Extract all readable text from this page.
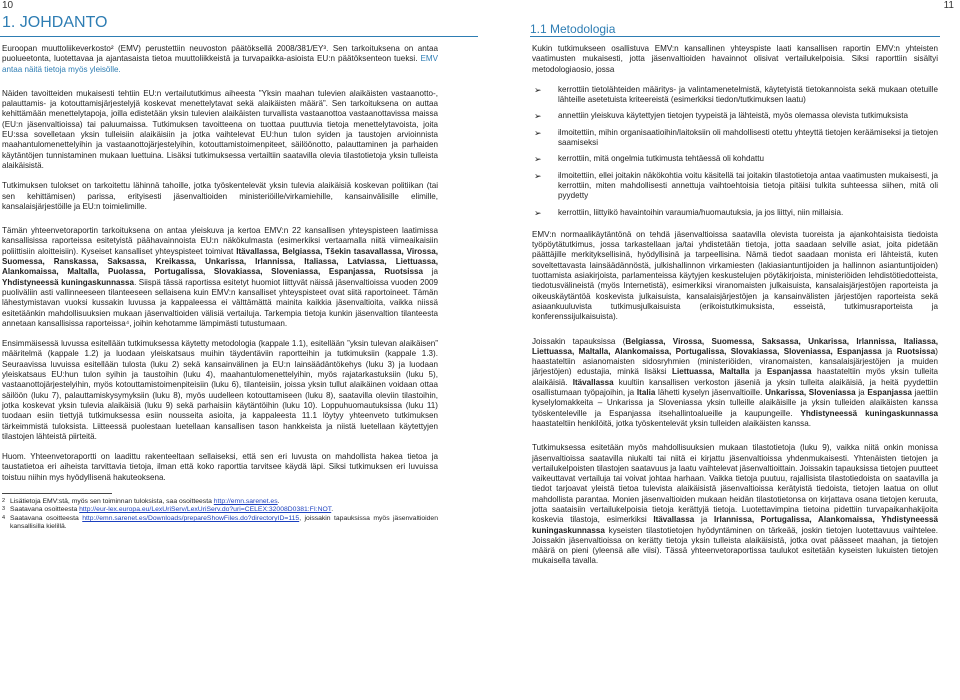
10
1. JOHDANTO

Euroopan muuttoliikeverkosto² (EMV) perustettiin neuvoston päätöksellä 2008/381/EY³. Sen tarkoituksena on antaa puolueetonta, luotettavaa ja ajantasaista tietoa muuttoliikkeistä ja turvapaikka-asioista EU:n päätöksenteon tueksi. EMV antaa näitä tietoja myös yleisölle.

Näiden tavoitteiden mukaisesti tehtiin EU:n vertailututkimus aiheesta ”Yksin maahan tulevien alaikäisten vastaanotto-, palauttamis- ja kotouttamisjärjestelyjä koskevat menettelytavat sekä alaikäisten määrä”. Sen tarkoituksena on auttaa kehittämään menettelytapoja, joilla edistetään yksin tulevien alaikäisten turvallista vastaanottoa vastaanottavissa maissa (EU:n jäsenvaltioissa) tai paluumaissa. Tutkimuksen tavoitteena on tuottaa puuttuvia tietoja menettelytavoista, joita EU:ssa sovelletaan yksin tulleisiin alaikäisiin ja jotka vaihtelevat EU:hun tulon syiden ja taustojen arvioinnista maahantulomenettelyihin ja vastaanottojärjestelyihin, kotouttamistoimenpiteet, säilöönotto, palauttaminen ja parhaiden käytäntöjen tunnistaminen mukaan luettuina. Lisäksi tutkimuksessa vertailtiin saatavilla olevia tilastotietoja yksin tulleista alaikäisistä.

Tutkimuksen tulokset on tarkoitettu lähinnä tahoille, jotka työskentelevät yksin tulevia alaikäisiä koskevan politiikan (tai sen kehittämisen) parissa, erityisesti jäsenvaltioiden ministeriöille/virkamiehille, kansainvälisille elimille, kansalaisjärjestöille ja EU:n toimielimille.

Tämän yhteenvetoraportin tarkoituksena on antaa yleiskuva ja kertoa EMV:n 22 kansallisen yhteyspisteen laatimissa kansallisissa raporteissa esitetyistä päähavainnoista EU:n näkökulmasta (esimerkiksi vertaamalla niitä viimeaikaisiin poliittisiin aloitteisiin). Kyseiset kansalliset yhteyspisteet toimivat Itävallassa, Belgiassa, Tšekin tasavallassa, Virossa, Suomessa, Ranskassa, Saksassa, Kreikassa, Unkarissa, Irlannissa, Italiassa, Latviassa, Liettuassa, Alankomaissa, Maltalla, Puolassa, Portugalissa, Slovakiassa, Sloveniassa, Espanjassa, Ruotsissa ja Yhdistyneessä kuningaskunnassa. Siispä tässä raportissa esitetyt huomiot liittyvät näissä jäsenvaltioissa vuoden 2009 puoliväliin asti vallinneeseen tilanteeseen sellaisena kuin EMV:n kansalliset yhteyspisteet ovat siitä raportoineet. Tämän lähestymistavan vuoksi kussakin luvussa ja kappaleessa ei välttämättä mainita kaikkia jäsenvaltioita, vaikka niissä esitetäänkin mahdollisuuksien mukaan jäsenvaltioiden välisiä vertailuja. Tarkempia tietoja kunkin jäsenvaltion tilanteesta annetaan kansallisissa raporteissa⁴, joihin kehotamme lämpimästi tutustumaan.

Ensimmäisessä luvussa esitellään tutkimuksessa käytetty metodologia (kappale 1.1), esitellään ”yksin tulevan alaikäisen” määritelmä (kappale 1.2) ja luodaan yleiskatsaus muihin täydentäviin raportteihin ja tutkimuksiin (kappale 1.3). Seuraavissa luvuissa esitellään tulosta (luku 2) sekä kansainvälinen ja EU:n lainsäädäntökehys (luku 3) ja luodaan yleiskatsaus EU:hun tulon syihin ja taustoihin (luku 4), maahantulomenettelyihin, myös rajatarkastuksiin (luku 5), vastaanottojärjestelyihin, myös kotouttamistoimenpiteisiin (luku 6), tilanteisiin, joissa yksin tullut alaikäinen voidaan ottaa säilöön (luku 7), palauttamiskysymyksiin (luku 8), myös uudelleen kotouttamiseen (luku 8), saatavilla oleviin tilastoihin, jotka koskevat yksin tulevia alaikäisiä (luku 9) sekä parhaisiin käytäntöihin (luku 10). Loppuhuomautuksissa (luku 11) tuodaan esiin tiettyjä tutkimuksessa esiin nousseita asioita, ja kappaleesta 11.1 löytyy yhteenveto tutkimuksen tärkeimmistä tuloksista. Liitteessä puolestaan luetellaan kansallisen tason hankkeista ja niistä luetellaan käytettyjen tilastojen lähteistä piirteitä.

Huom. Yhteenvetoraportti on laadittu rakenteeltaan sellaiseksi, että sen eri luvusta on mahdollista hakea tietoa ja taustatietoa eri aiheista tarvittavia tietoja, ilman että koko raporttia tarvitsee käydä läpi. Siksi tutkimuksen eri luvuissa toistuu niihin mys hyödyllisenä hakuteoksena.

2 Lisätietoja EMV:stä, myös sen toiminnan tuloksista, saa osoitteesta http://emn.sarenet.es.

3 Saatavana osoitteesta http://eur-lex.europa.eu/LexUriServ/LexUriServ.do?uri=CELEX:32008D0381:FI:NOT.

4 Saatavana osoitteesta http://emn.sarenet.es/Downloads/prepareShowFiles.do?directoryID=115, joissakin tapauksissa myös jäsenvaltioiden kansallisilla kielillä.

11
1.1 Metodologia

Kukin tutkimukseen osallistuva EMV:n kansallinen yhteyspiste laati kansallisen raportin EMV:n yhteisten vaatimusten mukaisesti, jotta jäsenvaltioiden havainnot olisivat vertailukelpoisia. Siksi raporttiin sisältyi metodologiaosio, jossa

➢ kerrottiin tietolähteiden määritys- ja valintamenetelmistä, käytetyistä tietokannoista sekä mukaan otetuille lähteille asetetuista kriteereistä (esimerkiksi tiedon/tutkimuksen laatu)
➢ annettiin yleiskuva käytettyjen tietojen tyypeistä ja lähteistä, myös olemassa olevista tutkimuksista
➢ ilmoitettiin, mihin organisaatioihin/laitoksiin oli mahdollisesti otettu yhteyttä tietojen keräämiseksi ja tietojen saamiseksi
➢ kerrottiin, mitä ongelmia tutkimusta tehtäessä oli kohdattu
➢ ilmoitettiin, ellei joitakin näkökohtia voitu käsitellä tai joitakin tilastotietoja antaa vaatimusten mukaisesti, ja kerrottiin, miten mahdollisesti annettuja vaihtoehtoisia tietoja pitäisi tulkita suhteessa siihen, mitä oli pyydetty
➢ kerrottiin, liittyikö havaintoihin varaumia/huomautuksia, ja jos liittyi, niin millaisia.

EMV:n normaalikäytäntönä on tehdä jäsenvaltioissa saatavilla olevista tuoreista ja ajankohtaisista tiedoista työpöytätutkimus, jossa tarkastellaan ja/tai yhdistetään tietoja, jotta saadaan selville asiat, joita pidetään päättäjille merkityksellisinä, hyödyllisinä ja tarpeellisina. Nämä tiedot saadaan monista eri lähteistä, kuten soveltettavasta lainsäädännöstä, julkishallinnon virkamiesten (lakiasiantuntijoiden ja hallinnon asiantuntijoiden) tuottamista asiakirjoista, parlamenteissa käytyjen keskustelujen pöytäkirjoista, ministeriöiden lehdistötiedotteista, tiedotusvälineistä (myös Internetistä), esimerkiksi viranomaisten julkaisuista, kansalaisjärjestöjen raporteista ja oikeuskäytäntöä koskevista julkaisuista, kansalaisjärjestöjen ja kansainvälisten järjestöjen raporteista sekä asiaankuuluvista tutkimusjulkaisuista (erikoistutkimuksista, esseistä, tutkimusraporteista ja konferenssijulkaisuista).

Joissakin tapauksissa (Belgiassa, Virossa, Suomessa, Saksassa, Unkarissa, Irlannissa, Italiassa, Liettuassa, Maltalla, Alankomaissa, Portugalissa, Slovakiassa, Sloveniassa, Espanjassa ja Ruotsissa) haastateltiin asianomaisten sidosryhmien (ministeriöiden, viranomaisten, kansalaisjärjestöjen ja muiden järjestöjen) edustajia, minkä lisäksi Liettuassa, Maltalla ja Espanjassa haastateltiin myös yksin tulleita alaikäisiä. Itävallassa kuultiin kansallisen verkoston jäseniä ja yksin tulleita alaikäisiä, ja heitä pyydettiin osallistumaan työpajoihin, ja Italia lähetti kyselyn jäsenvaltioille. Unkarissa, Sloveniassa ja Espanjassa jaettiin kyselylomakkeita – Unkarissa ja Sloveniassa yksin tulleille alaikäisille ja yksin tulleiden alaikäisten kanssa työskenteleville ja Espanjassa itsehallintoalueille ja kaupungeille. Yhdistyneessä kuningaskunnassa haastateltiin henkilöitä, jotka työskentelevät yksin tulleiden alaikäisten kanssa.

Tutkimuksessa esitetään myös mahdollisuuksien mukaan tilastotietoja (luku 9), vaikka niitä onkin monissa jäsenvaltioissa saatavilla niukalti tai niitä ei kirjattu jäsenvaltioissa yhdenmukaisesti. Yhtenäisten tietojen ja vertailukelpoisten tilastojen saatavuus ja laatu vaihtelevat jäsenvaltioittain. Joissakin tapauksissa tietojen puutteet vaikeuttavat vertailuja tai voivat johtaa harhaan. Vaikka tietoja puutuu, rajallisista tilastotiedoista on saatavilla ja tiedot tarjoavat yleistä tietoa tulevista alaikäisistä jäsenvaltioissa kerätyistä tiedoista, tietojen laatua on ollut mahdollista parantaa. Monien jäsenvaltioiden mukaan heidän tilastotietonsa on kirjattava osana tietojen keruuta, jotta saataisiin vertailukelpoisia tietoja kerättyjä tietoja. Luotettavimpina tietoina pidettiin turvapaikanhakijoita koskevia tilastoja, esimerkiksi Itävallassa ja Irlannissa, Portugalissa, Alankomaissa, Yhdistyneessä kuningaskunnassa kyseisten tilastotietojen hyödyntäminen on tärkeää, joskin tietojen luotettavuus vaihtelee. Joissakin jäsenvaltioissa on kerätty tietoja yksin tulleista alaikäisistä, jotka ovat päässeet maahan, ja tietojen määrä on pieni (yleensä alle viisi). Tässä yhteenvetoraportissa taulukot esitetään kyseisten lukuisten tietojen mukaisella tavalla.
